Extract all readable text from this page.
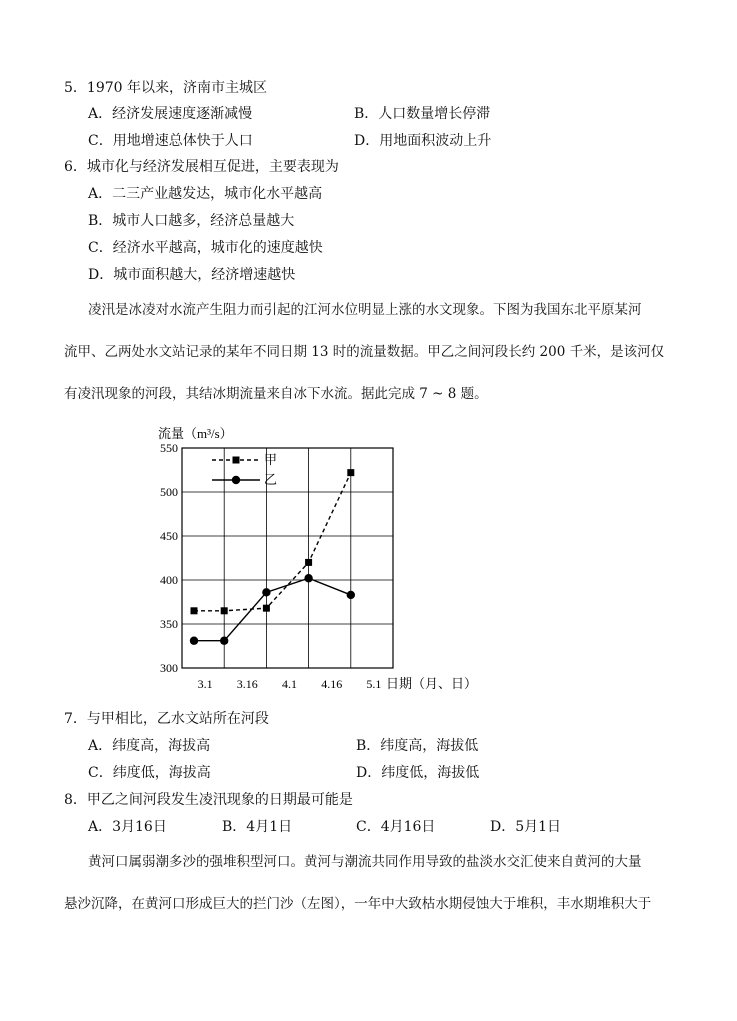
5．1970 年以来，济南市主城区
A．经济发展速度逐渐减慢	B．人口数量增长停滞
C．用地增速总体快于人口	D．用地面积波动上升
6．城市化与经济发展相互促进，主要表现为
A．二三产业越发达，城市化水平越高
B．城市人口越多，经济总量越大
C．经济水平越高，城市化的速度越快
D．城市面积越大，经济增速越快
凌汛是冰凌对水流产生阻力而引起的江河水位明显上涨的水文现象。下图为我国东北平原某河
流甲、乙两处水文站记录的某年不同日期 13 时的流量数据。甲乙之间河段长约 200 千米，是该河仅
有凌汛现象的河段，其结冰期流量来自冰下水流。据此完成 7 ~ 8 题。
流量（m³/s）
日期（月、日）
300
350
400
450
500
550
3.1 3.16 4.1 4.16 5.1
甲
乙
7．与甲相比，乙水文站所在河段
A．纬度高，海拔高	B．纬度高，海拔低
C．纬度低，海拔高	D．纬度低，海拔低
8．甲乙之间河段发生凌汛现象的日期最可能是
A．3月16日	B．4月1日	C．4月16日	D．5月1日
黄河口属弱潮多沙的强堆积型河口。黄河与潮流共同作用导致的盐淡水交汇使来自黄河的大量
悬沙沉降，在黄河口形成巨大的拦门沙（左图），一年中大致枯水期侵蚀大于堆积，丰水期堆积大于
